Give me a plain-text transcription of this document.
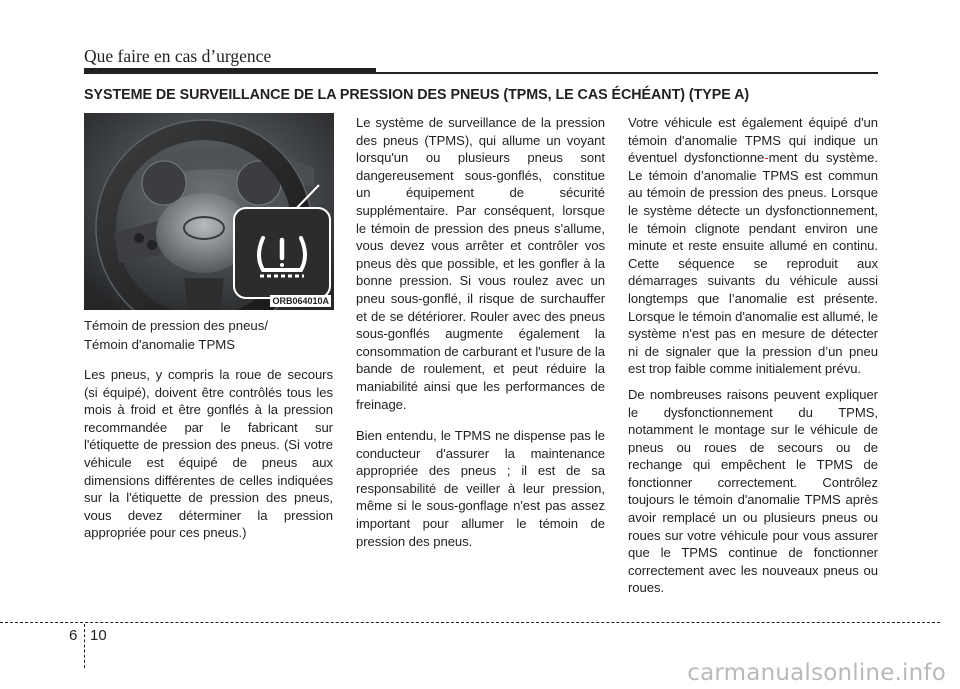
Que faire en cas d’urgence
SYSTEME DE SURVEILLANCE DE LA PRESSION DES PNEUS (TPMS, LE CAS ÉCHÉANT) (TYPE A)
ORB064010A
Témoin de pression des pneus/
Témoin d'anomalie TPMS

Les pneus, y compris la roue de secours (si équipé), doivent être contrôlés tous les mois à froid et être gonflés à la pression recommandée par le fabricant sur l'étiquette de pression des pneus. (Si votre véhicule est équipé de pneus aux dimensions différentes de celles indiquées sur la l'étiquette de pression des pneus, vous devez déterminer la pression appropriée pour ces pneus.)

Le système de surveillance de la pression des pneus (TPMS), qui allume un voyant lorsqu'un ou plusieurs pneus sont dangereusement sous-gonflés, constitue un équipement de sécurité supplémentaire. Par conséquent, lorsque le témoin de pression des pneus s'allume, vous devez vous arrêter et contrôler vos pneus dès que possible, et les gonfler à la bonne pression. Si vous roulez avec un pneu sous-gonflé, il risque de surchauffer et de se détériorer. Rouler avec des pneus sous-gonflés augmente également la consommation de carburant et l'usure de la bande de roulement, et peut réduire la maniabilité ainsi que les performances de freinage.

Bien entendu, le TPMS ne dispense pas le conducteur d'assurer la maintenance appropriée des pneus ; il est de sa responsabilité de veiller à leur pression, même si le sous-gonflage n'est pas assez important pour allumer le témoin de pression des pneus.

Votre véhicule est également équipé d'un témoin d'anomalie TPMS qui indique un éventuel dysfonctionne-ment du système. Le témoin d’anomalie TPMS est commun au témoin de pression des pneus. Lorsque le système détecte un dysfonctionnement, le témoin clignote pendant environ une minute et reste ensuite allumé en continu. Cette séquence se reproduit aux démarrages suivants du véhicule aussi longtemps que l’anomalie est présente. Lorsque le témoin d'anomalie est allumé, le système n'est pas en mesure de détecter ni de signaler que la pression d’un pneu est trop faible comme initialement prévu.

De nombreuses raisons peuvent expliquer le dysfonctionnement du TPMS, notamment le montage sur le véhicule de pneus ou roues de secours ou de rechange qui empêchent le TPMS de fonctionner correctement. Contrôlez toujours le témoin d'anomalie TPMS après avoir remplacé un ou plusieurs pneus ou roues sur votre véhicule pour vous assurer que le TPMS continue de fonctionner correctement avec les nouveaux pneus ou roues.

6 10
carmanualsonline.info
